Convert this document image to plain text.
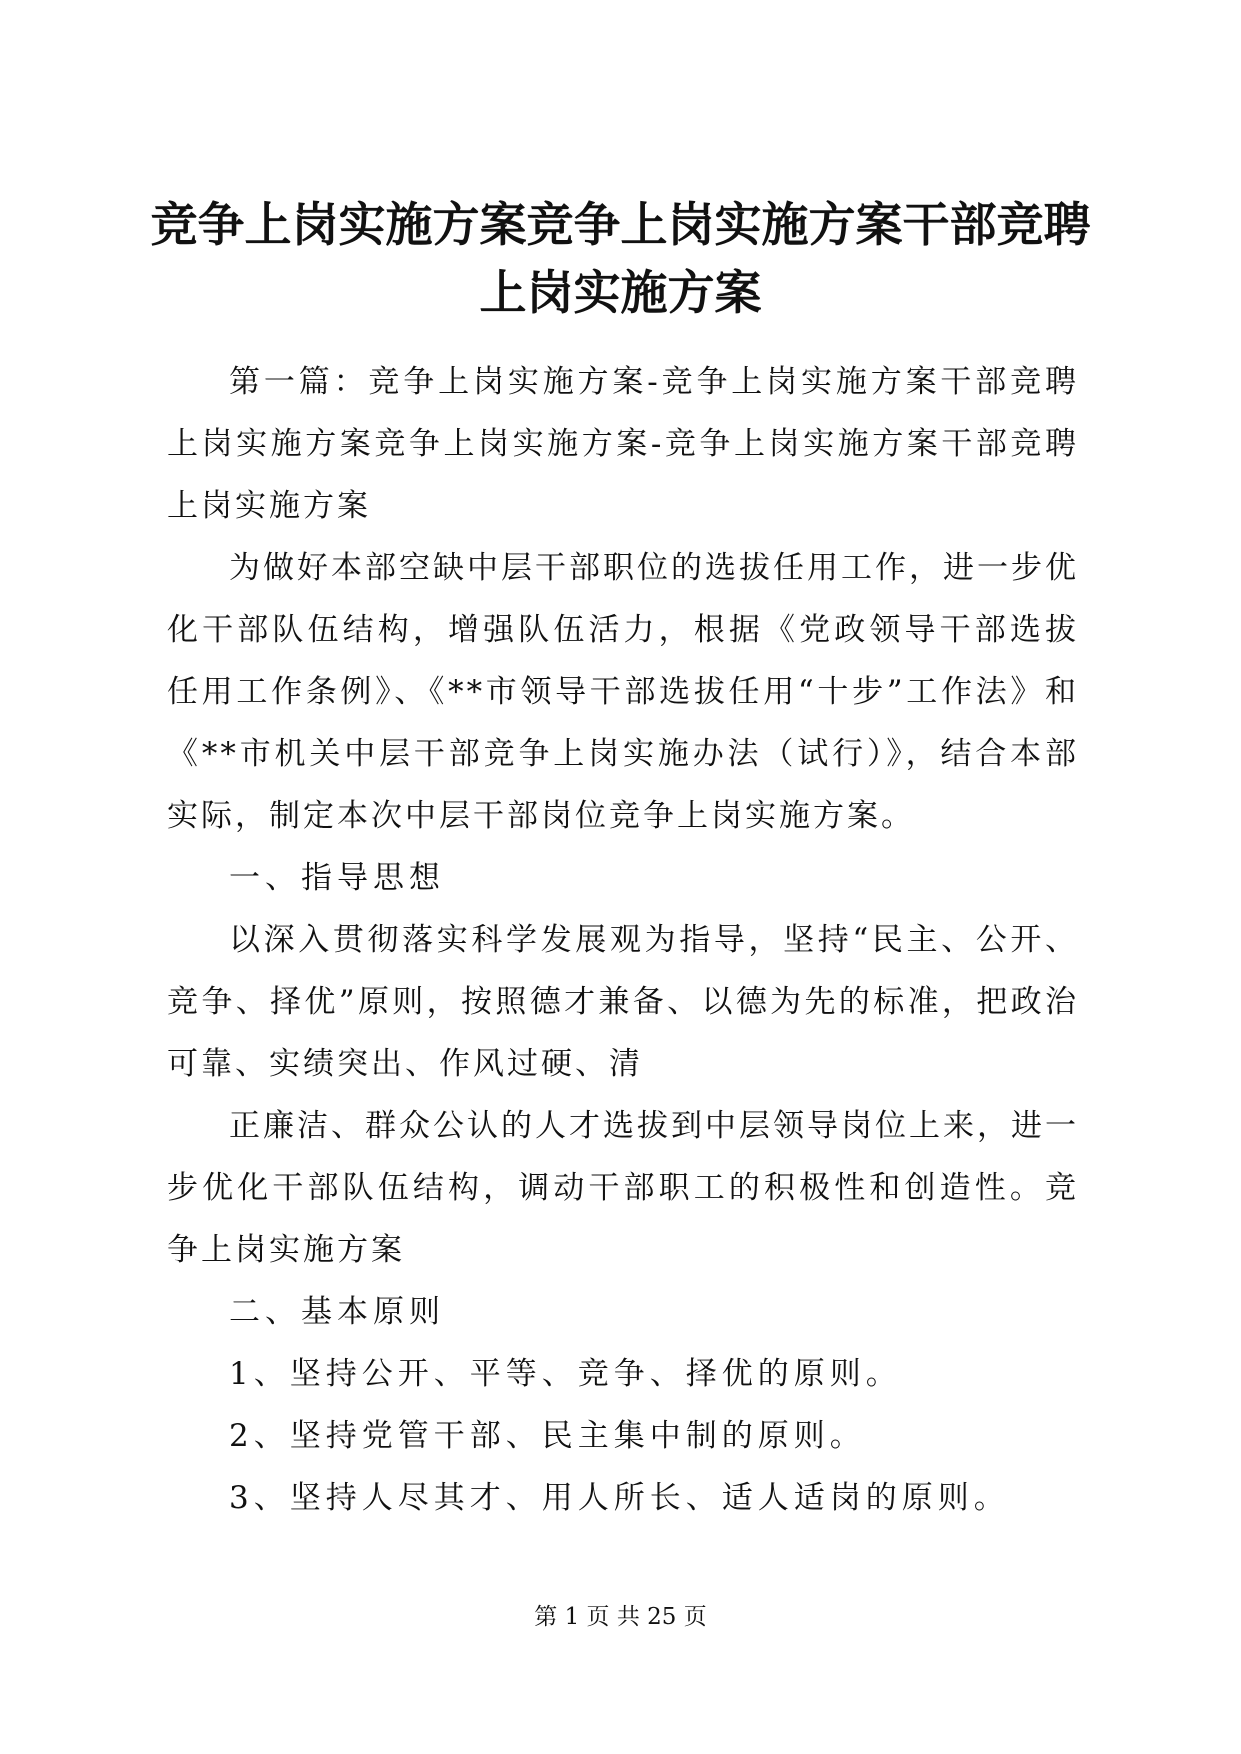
竞争上岗实施方案竞争上岗实施方案干部竞聘上岗实施方案

第一篇：竞争上岗实施方案-竞争上岗实施方案干部竞聘上岗实施方案竞争上岗实施方案-竞争上岗实施方案干部竞聘上岗实施方案

为做好本部空缺中层干部职位的选拔任用工作，进一步优化干部队伍结构，增强队伍活力，根据《党政领导干部选拔任用工作条例》、《**市领导干部选拔任用“十步”工作法》和《**市机关中层干部竞争上岗实施办法（试行）》，结合本部实际，制定本次中层干部岗位竞争上岗实施方案。

一、指导思想

以深入贯彻落实科学发展观为指导，坚持“民主、公开、竞争、择优”原则，按照德才兼备、以德为先的标准，把政治可靠、实绩突出、作风过硬、清

正廉洁、群众公认的人才选拔到中层领导岗位上来，进一步优化干部队伍结构，调动干部职工的积极性和创造性。竞争上岗实施方案

二、基本原则

1、坚持公开、平等、竞争、择优的原则。

2、坚持党管干部、民主集中制的原则。

3、坚持人尽其才、用人所长、适人适岗的原则。

第 1 页 共 25 页
